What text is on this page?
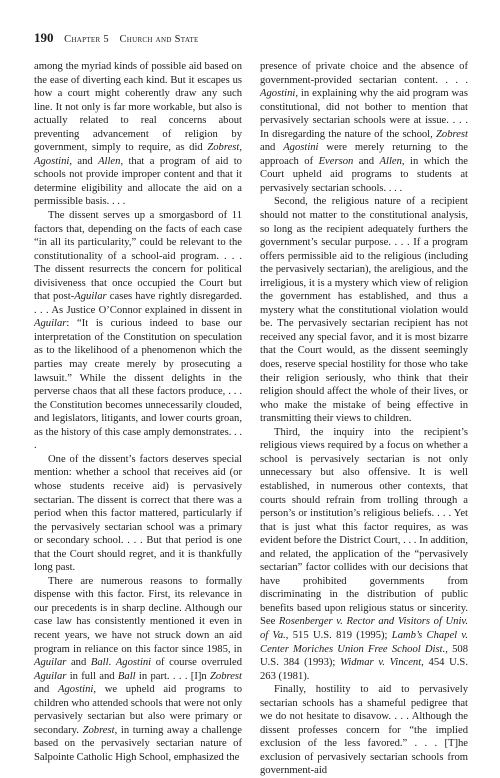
190 Chapter 5 Church and State

among the myriad kinds of possible aid based on the ease of diverting each kind. But it escapes us how a court might coherently draw any such line. It not only is far more workable, but also is actually related to real concerns about preventing advancement of religion by government, simply to require, as did Zobrest, Agostini, and Allen, that a program of aid to schools not provide improper content and that it determine eligibility and allocate the aid on a permissible basis. . . .

The dissent serves up a smorgasbord of 11 factors that, depending on the facts of each case “in all its particularity,” could be relevant to the constitutionality of a school-aid program. . . . The dissent resurrects the concern for political divisiveness that once occupied the Court but that post-Aguilar cases have rightly disregarded. . . . As Justice O’Connor explained in dissent in Aguilar: “It is curious indeed to base our interpretation of the Constitution on speculation as to the likelihood of a phenomenon which the parties may create merely by prosecuting a lawsuit.” While the dissent delights in the perverse chaos that all these factors produce, . . . the Constitution becomes unnecessarily clouded, and legislators, litigants, and lower courts groan, as the history of this case amply demonstrates. . . .

One of the dissent’s factors deserves special mention: whether a school that receives aid (or whose students receive aid) is pervasively sectarian. The dissent is correct that there was a period when this factor mattered, particularly if the pervasively sectarian school was a primary or secondary school. . . . But that period is one that the Court should regret, and it is thankfully long past.

There are numerous reasons to formally dispense with this factor. First, its relevance in our precedents is in sharp decline. Although our case law has consistently mentioned it even in recent years, we have not struck down an aid program in reliance on this factor since 1985, in Aguilar and Ball. Agostini of course overruled Aguilar in full and Ball in part. . . . [I]n Zobrest and Agostini, we upheld aid programs to children who attended schools that were not only pervasively sectarian but also were primary or secondary. Zobrest, in turning away a challenge based on the pervasively sectarian nature of Salpointe Catholic High School, emphasized the

presence of private choice and the absence of government-provided sectarian content. . . . Agostini, in explaining why the aid program was constitutional, did not bother to mention that pervasively sectarian schools were at issue. . . . In disregarding the nature of the school, Zobrest and Agostini were merely returning to the approach of Everson and Allen, in which the Court upheld aid programs to students at pervasively sectarian schools. . . .

Second, the religious nature of a recipient should not matter to the constitutional analysis, so long as the recipient adequately furthers the government’s secular purpose. . . . If a program offers permissible aid to the religious (including the pervasively sectarian), the areligious, and the irreligious, it is a mystery which view of religion the government has established, and thus a mystery what the constitutional violation would be. The pervasively sectarian recipient has not received any special favor, and it is most bizarre that the Court would, as the dissent seemingly does, reserve special hostility for those who take their religion seriously, who think that their religion should affect the whole of their lives, or who make the mistake of being effective in transmitting their views to children.

Third, the inquiry into the recipient’s religious views required by a focus on whether a school is pervasively sectarian is not only unnecessary but also offensive. It is well established, in numerous other contexts, that courts should refrain from trolling through a person’s or institution’s religious beliefs. . . . Yet that is just what this factor requires, as was evident before the District Court, . . . In addition, and related, the application of the “pervasively sectarian” factor collides with our decisions that have prohibited governments from discriminating in the distribution of public benefits based upon religious status or sincerity. See Rosenberger v. Rector and Visitors of Univ. of Va., 515 U.S. 819 (1995); Lamb’s Chapel v. Center Moriches Union Free School Dist., 508 U.S. 384 (1993); Widmar v. Vincent, 454 U.S. 263 (1981).

Finally, hostility to aid to pervasively sectarian schools has a shameful pedigree that we do not hesitate to disavow. . . . Although the dissent professes concern for “the implied exclusion of the less favored.” . . . [T]he exclusion of pervasively sectarian schools from government-aid
